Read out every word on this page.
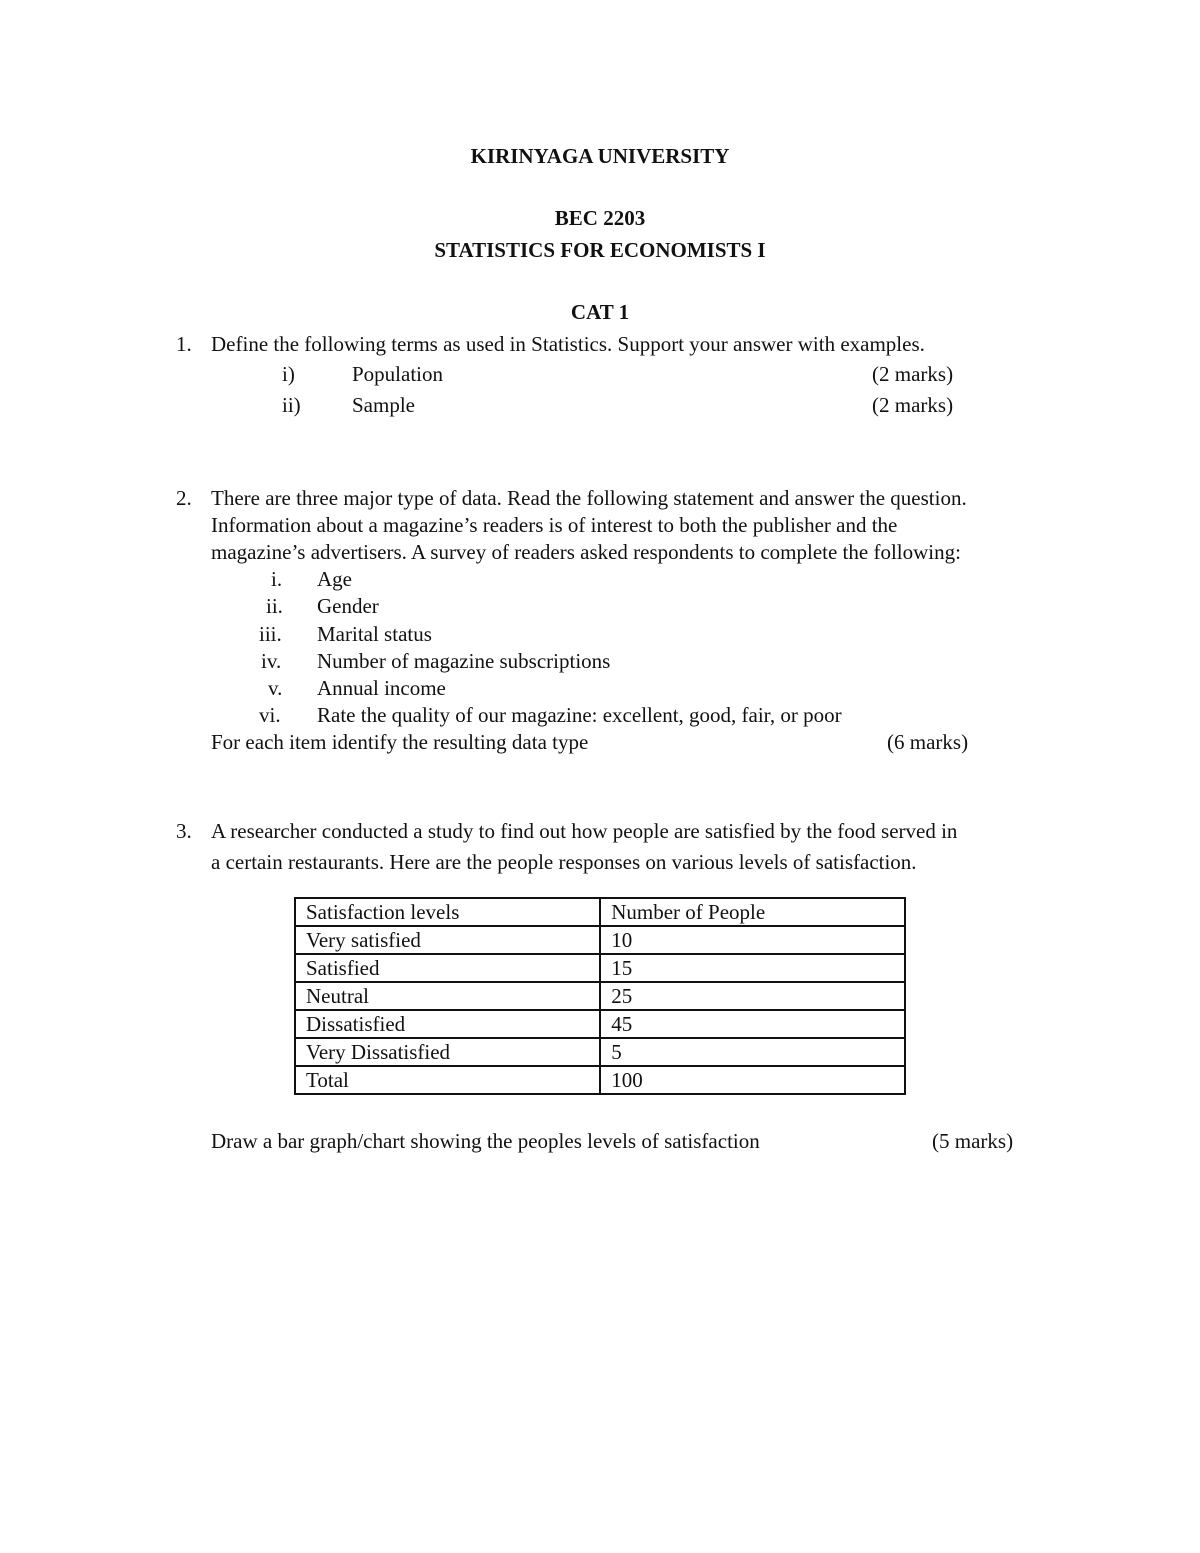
KIRINYAGA UNIVERSITY
BEC 2203
STATISTICS FOR ECONOMISTS I
CAT 1
1. Define the following terms as used in Statistics. Support your answer with examples.
i)	Population	(2 marks)
ii) Sample	(2 marks)
2. There are three major type of data. Read the following statement and answer the question.
Information about a magazine’s readers is of interest to both the publisher and the
magazine’s advertisers. A survey of readers asked respondents to complete the following:
i. Age
ii. Gender
iii. Marital status
iv. Number of magazine subscriptions
v. Annual income
vi. Rate the quality of our magazine: excellent, good, fair, or poor
For each item identify the resulting data type	(6 marks)
3. A researcher conducted a study to find out how people are satisfied by the food served in
a certain restaurants. Here are the people responses on various levels of satisfaction.
Satisfaction levels	Number of People
Very satisfied	10
Satisfied	15
Neutral	25
Dissatisfied	45
Very Dissatisfied	5
Total	100
Draw a bar graph/chart showing the peoples levels of satisfaction	(5 marks)
